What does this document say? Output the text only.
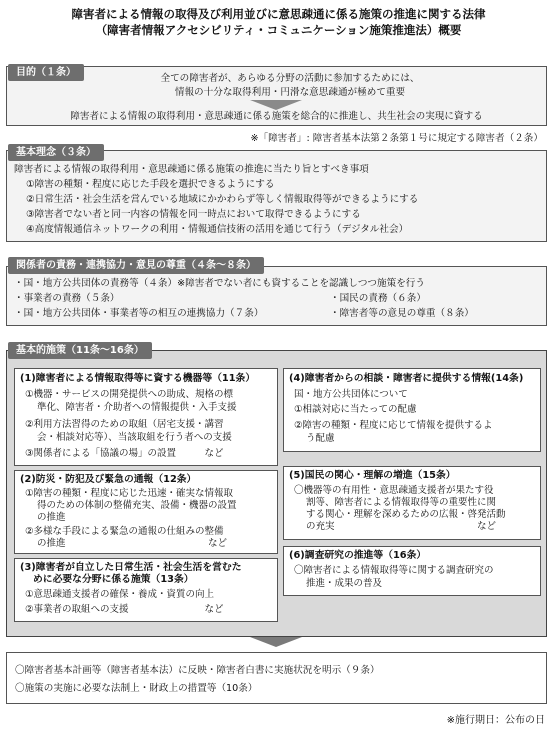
障害者による情報の取得及び利用並びに意思疎通に係る施策の推進に関する法律
（障害者情報アクセシビリティ・コミュニケーション施策推進法）概要
目的（１条）
全ての障害者が、あらゆる分野の活動に参加するためには、
情報の十分な取得利用・円滑な意思疎通が極めて重要
障害者による情報の取得利用・意思疎通に係る施策を総合的に推進し、共生社会の実現に資する
※「障害者」: 障害者基本法第２条第１号に規定する障害者（２条）
基本理念（３条）
障害者による情報の取得利用・意思疎通に係る施策の推進に当たり旨とすべき事項
①障害の種類・程度に応じた手段を選択できるようにする
②日常生活・社会生活を営んでいる地域にかかわらず等しく情報取得等ができるようにする
③障害者でない者と同一内容の情報を同一時点において取得できるようにする
④高度情報通信ネットワークの利用・情報通信技術の活用を通じて行う（デジタル社会）
関係者の責務・連携協力・意見の尊重（４条〜８条）
・国・地方公共団体の責務等（４条）※障害者でない者にも資することを認識しつつ施策を行う
・事業者の責務（５条）	・国民の責務（６条）
・国・地方公共団体・事業者等の相互の連携協力（７条）	・障害者等の意見の尊重（８条）
基本的施策（11条〜16条）
(1)障害者による情報取得等に資する機器等（11条）
①機器・サービスの開発提供への助成、規格の標
準化、障害者・介助者への情報提供・入手支援
②利用方法習得のための取組（居宅支援・講習
会・相談対応等）、当該取組を行う者への支援
③関係者による「協議の場」の設置　　　など
(2)防災・防犯及び緊急の通報（12条）
①障害の種類・程度に応じた迅速・確実な情報取
得のための体制の整備充実、設備・機器の設置
の推進
②多様な手段による緊急の通報の仕組みの整備
の推進　　　　　　　　　　　　　　　など
(3)障害者が自立した日常生活・社会生活を営むた
めに必要な分野に係る施策（13条）
①意思疎通支援者の確保・養成・資質の向上
②事業者の取組への支援　　　　　　　　など
(4)障害者からの相談・障害者に提供する情報(14条)
国・地方公共団体について
①相談対応に当たっての配慮
②障害の種類・程度に応じて情報を提供するよ
う配慮
(5)国民の関心・理解の増進（15条）
〇機器等の有用性・意思疎通支援者が果たす役
割等、障害者による情報取得等の重要性に関
する関心・理解を深めるための広報・啓発活動
の充実　　　　　　　　　　　　　　　など
(6)調査研究の推進等（16条）
〇障害者による情報取得等に関する調査研究の
推進・成果の普及
〇障害者基本計画等（障害者基本法）に反映・障害者白書に実施状況を明示（９条）
〇施策の実施に必要な法制上・財政上の措置等（10条）
※施行期日：公布の日
